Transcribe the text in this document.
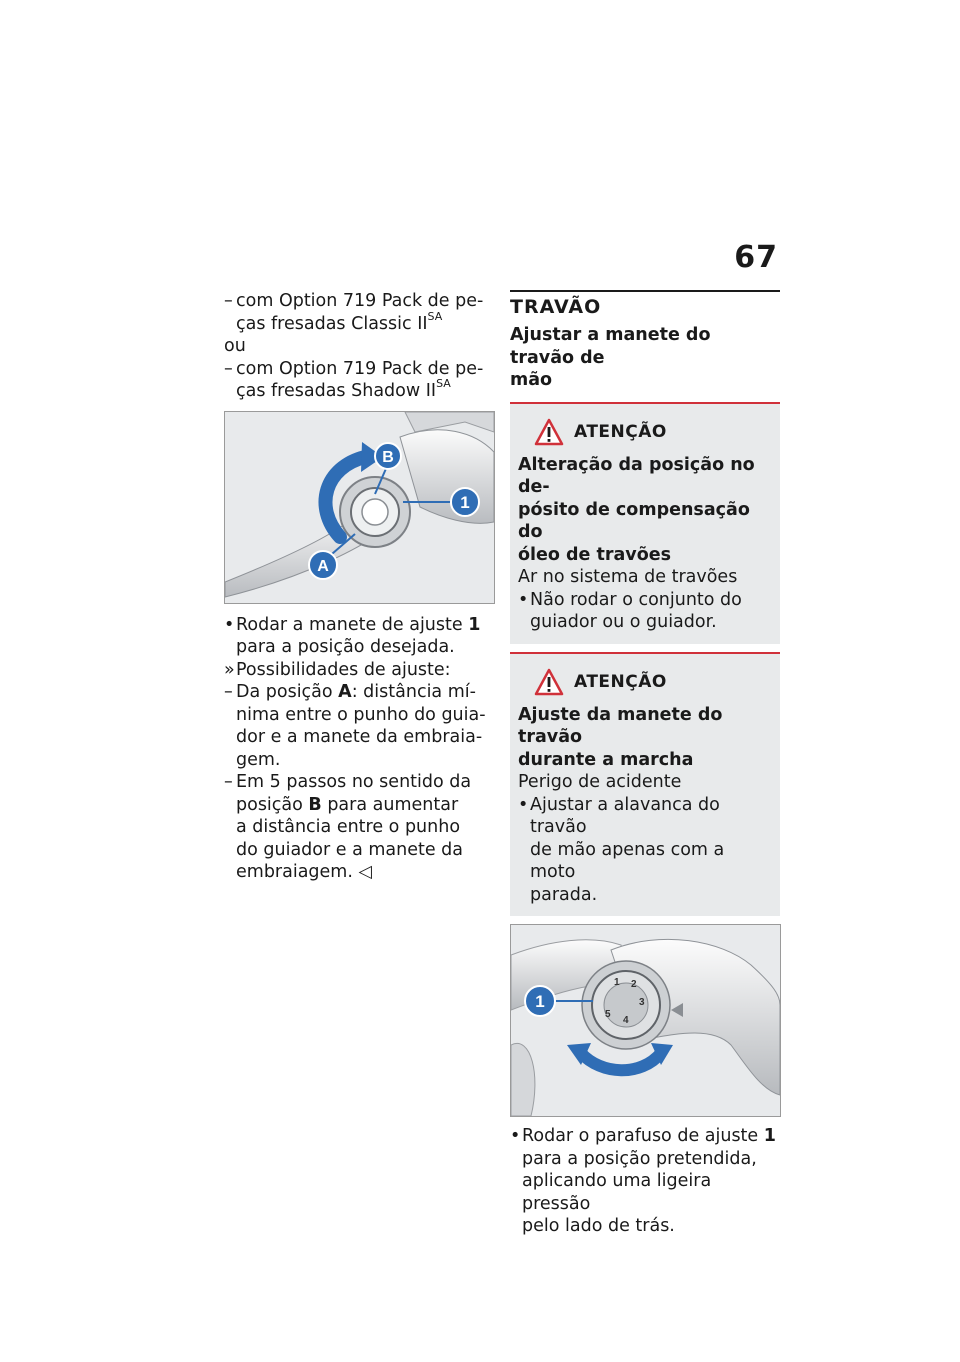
67

– com Option 719 Pack de pe-
ças fresadas Classic $II^{SA}$

ou

– com Option 719 Pack de pe-
ças fresadas Shadow $II^{SA}$

B
1
A

• Rodar a manete de ajuste 1
para a posição desejada.

» Possibilidades de ajuste:

– Da posição A: distância mí-
nima entre o punho do guia-
dor e a manete da embraia-
gem.

– Em 5 passos no sentido da
posição B para aumentar
a distância entre o punho
do guiador e a manete da
embraiagem. ◁

TRAVÃO

Ajustar a manete do travão de
mão

ATENÇÃO

Alteração da posição no de-
pósito de compensação do
óleo de travões

Ar no sistema de travões

• Não rodar o conjunto do
guiador ou o guiador.

ATENÇÃO

Ajuste da manete do travão
durante a marcha

Perigo de acidente

• Ajustar a alavanca do travão
de mão apenas com a moto
parada.

1 2
3
4
5
1

• Rodar o parafuso de ajuste 1
para a posição pretendida,
aplicando uma ligeira pressão
pelo lado de trás.
